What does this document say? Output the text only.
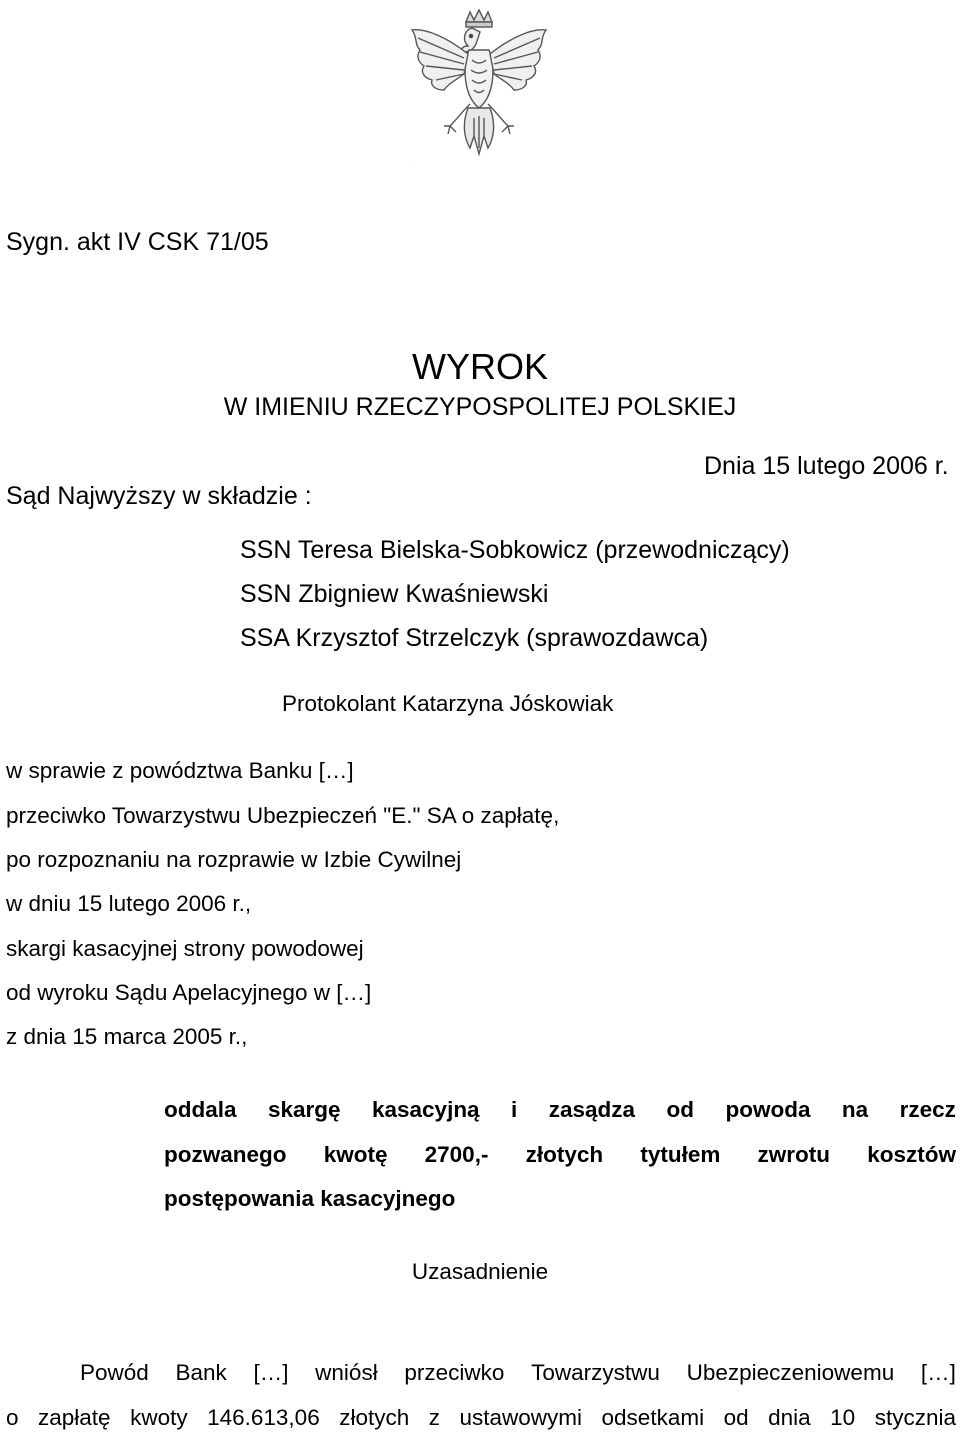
·
Sygn. akt IV CSK 71/05
WYROK
W IMIENIU RZECZYPOSPOLITEJ POLSKIEJ
Dnia 15 lutego 2006 r.
Sąd Najwyższy w składzie :
SSN Teresa Bielska-Sobkowicz (przewodniczący)
SSN Zbigniew Kwaśniewski
SSA Krzysztof Strzelczyk (sprawozdawca)
Protokolant Katarzyna Jóskowiak
w sprawie z powództwa Banku […]
przeciwko Towarzystwu Ubezpieczeń "E." SA o zapłatę,
po rozpoznaniu na rozprawie w Izbie Cywilnej
w dniu 15 lutego 2006 r.,
skargi kasacyjnej strony powodowej
od wyroku Sądu Apelacyjnego w […]
z dnia 15 marca 2005 r.,
oddala skargę kasacyjną i zasądza od powoda na rzecz
pozwanego kwotę 2700,- złotych tytułem zwrotu kosztów
postępowania kasacyjnego
Uzasadnienie
Powód Bank […] wniósł przeciwko Towarzystwu Ubezpieczeniowemu […]
o zapłatę kwoty 146.613,06 złotych z ustawowymi odsetkami od dnia 10 stycznia
